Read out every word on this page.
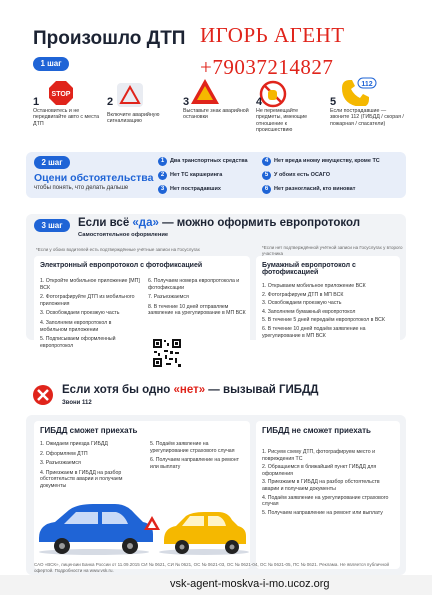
Произошло ДТП ИГОРЬ АГЕНТ
+79037214827
1 шаг
STOP
112
1
Остановитесь и не передвигайте авто с места ДТП
2
Включите аварийную сигнализацию
3
Выставьте знак аварийной остановки
4
Не перемещайте предметы, имеющие отношение к происшествию
5
Если пострадавшие — звоните 112 (ГИБДД / скорая / пожарная / спасатели)
2 шаг
Оцени обстоятельства
чтобы понять, что делать дальше
1	Два транспортных средства
2	Нет ТС каршеринга
3	Нет пострадавших
4	Нет вреда иному имуществу, кроме ТС
5	У обоих есть ОСАГО
6	Нет разногласий, кто виноват
3 шаг	Если всё «да» — можно оформить европротокол
Самостоятельное оформление
*Если у обоих водителей есть подтверждённые учётные записи на Госуслугах	*Если нет подтверждённой учётной записи на Госуслугах у второго участника
Электронный европротокол с фотофиксацией
1. Откройте мобильное приложение [МП] ВСК
2. Фотографируйте ДТП из мобильного приложения
3. Освобождаем проезжую часть
4. Заполняем европротокол в мобильном приложении
5. Подписываем оформленный европротокол
6. Получаем номера европротокола и фотофиксации
7. Разъезжаемся
8. В течение 10 дней отправляем заявление на урегулирование в МП ВСК
Бумажный европротокол с фотофиксацией
1. Открываем мобильное приложение ВСК
2. Фотографируем ДТП в МП ВСК
3. Освобождаем проезжую часть
4. Заполняем бумажный европротокол
5. В течение 5 дней передаём европротокол в ВСК
6. В течение 10 дней подаём заявление на урегулирование в МП ВСК
Если хотя бы одно «нет» — вызывай ГИБДД
Звони 112
ГИБДД сможет приехать
1. Ожидаем приезда ГИБДД
2. Оформляем ДТП
3. Разъезжаемся
4. Приезжаем в ГИБДД на разбор обстоятельств аварии и получаем документы
5. Подаём заявление на урегулирование страхового случая
6. Получаем направление на ремонт или выплату
ГИБДД не сможет приехать
1. Рисуем схему ДТП, фотографируем место и повреждения ТС
2. Обращаемся в ближайший пункт ГИБДД для оформления
3. Приезжаем в ГИБДД на разбор обстоятельств аварии и получаем документы
4. Подаём заявление на урегулирование страхового случая
5. Получаем направление на ремонт или выплату
САО «ВСК», лицензии Банка России от 11.09.2015 СИ № 0621, СИ № 0621, ОС № 0621-03, ОС № 0621-04, ОС № 0621-05, ПС № 0621. Реклама. Не является публичной офертой. Подробности на www.vsk.ru.
vsk-agent-moskva-i-mo.ucoz.org
